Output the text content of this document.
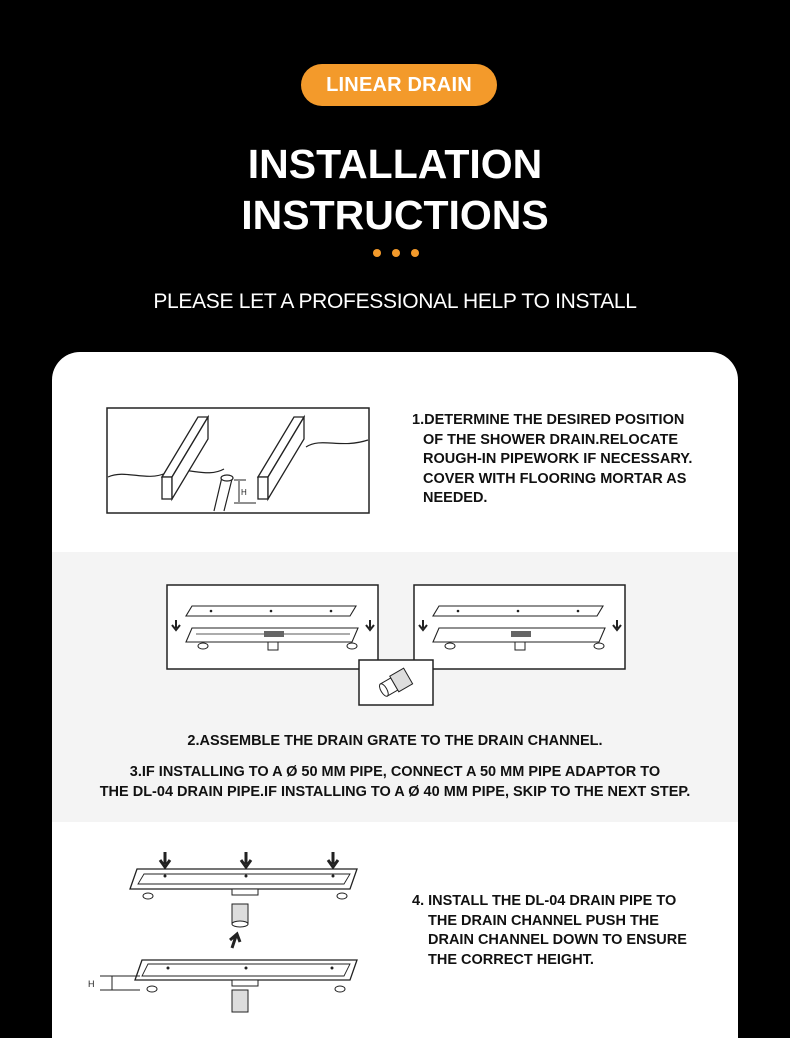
LINEAR DRAIN
INSTALLATION
INSTRUCTIONS
PLEASE LET A PROFESSIONAL HELP TO INSTALL
H
1.DETERMINE THE DESIRED POSITION
OF THE SHOWER DRAIN.RELOCATE
ROUGH-IN PIPEWORK IF NECESSARY.
COVER WITH FLOORING MORTAR AS
NEEDED.
2.ASSEMBLE THE DRAIN GRATE TO THE DRAIN CHANNEL.
3.IF INSTALLING TO A Ø 50 MM PIPE, CONNECT A 50 MM PIPE ADAPTOR TO
THE DL-04 DRAIN PIPE.IF INSTALLING TO A Ø 40 MM PIPE, SKIP TO THE NEXT STEP.
H
4. INSTALL THE DL-04 DRAIN PIPE TO
THE DRAIN CHANNEL PUSH THE
DRAIN CHANNEL DOWN TO ENSURE
THE CORRECT HEIGHT.
